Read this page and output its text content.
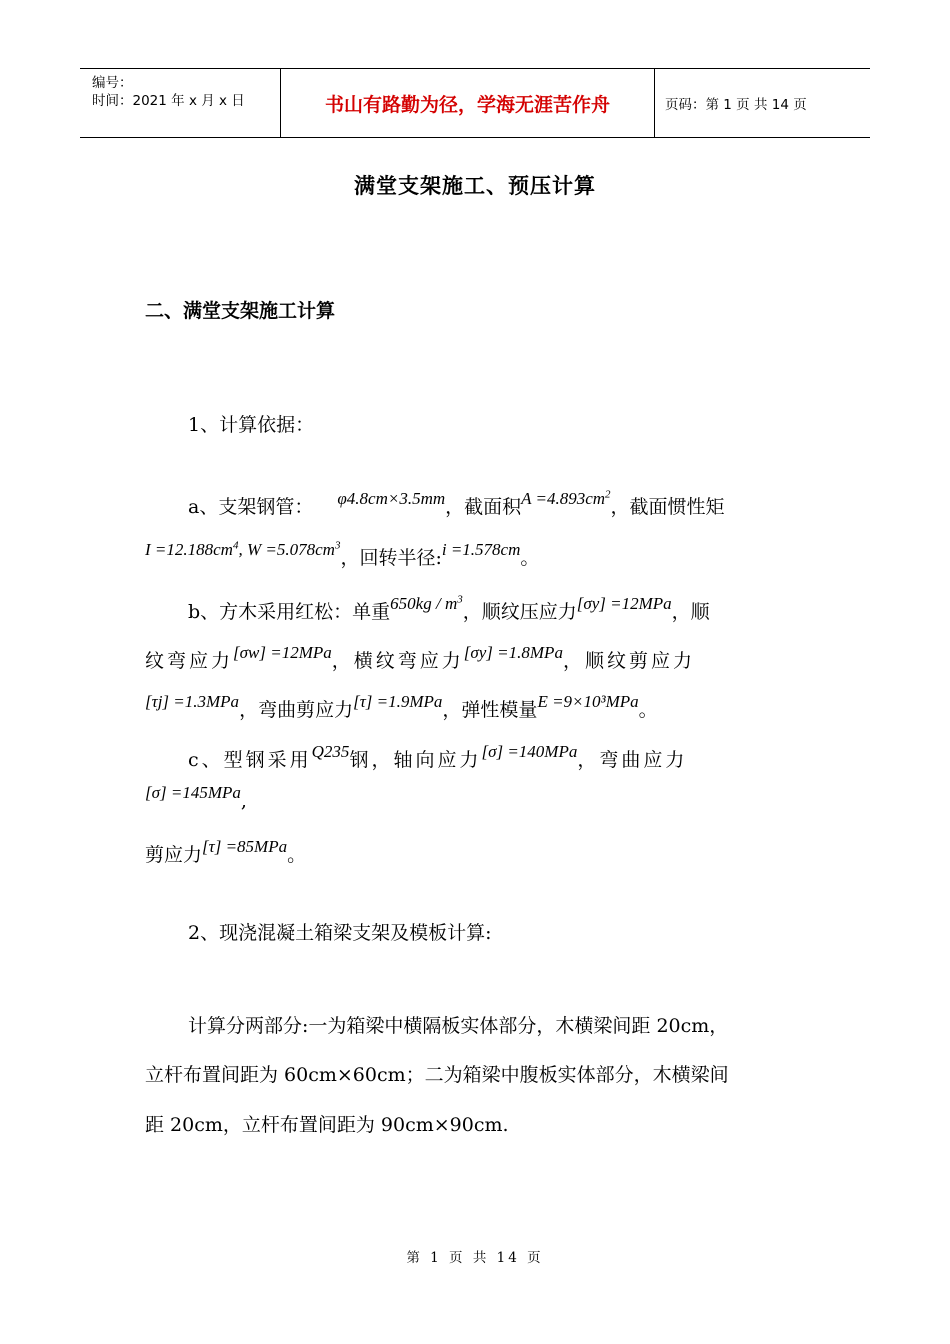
编号：
时间：2021 年 x 月 x 日	书山有路勤为径，学海无涯苦作舟	页码：第 1 页 共 14 页
满堂支架施工、预压计算
二、满堂支架施工计算
1、计算依据：
a、支架钢管： φ4.8cm×3.5mm，截面积$A =4.893cm^2$，截面惯性矩
$I =12.188cm^4$, $W =5.078cm^3$，回转半径:i =1.578cm。
b、方木采用红松：单重$650kg / m^3$，顺纹压应力[σy] =12MPa，顺
纹弯应力[σw] =12MPa，横纹弯应力[σy] =1.8MPa，顺纹剪应力
[τj] =1.3MPa，弯曲剪应力[τ] =1.9MPa，弹性模量E =9×10³MPa。
c、型钢采用Q235钢，轴向应力[σ] =140MPa，弯曲应力
[σ] =145MPa,
剪应力[τ] =85MPa。
2、现浇混凝土箱梁支架及模板计算:
计算分两部分:一为箱梁中横隔板实体部分，木横梁间距 20cm，
立杆布置间距为 60cm×60cm；二为箱梁中腹板实体部分，木横梁间
距 20cm，立杆布置间距为 90cm×90cm.
第 1 页 共 14 页
